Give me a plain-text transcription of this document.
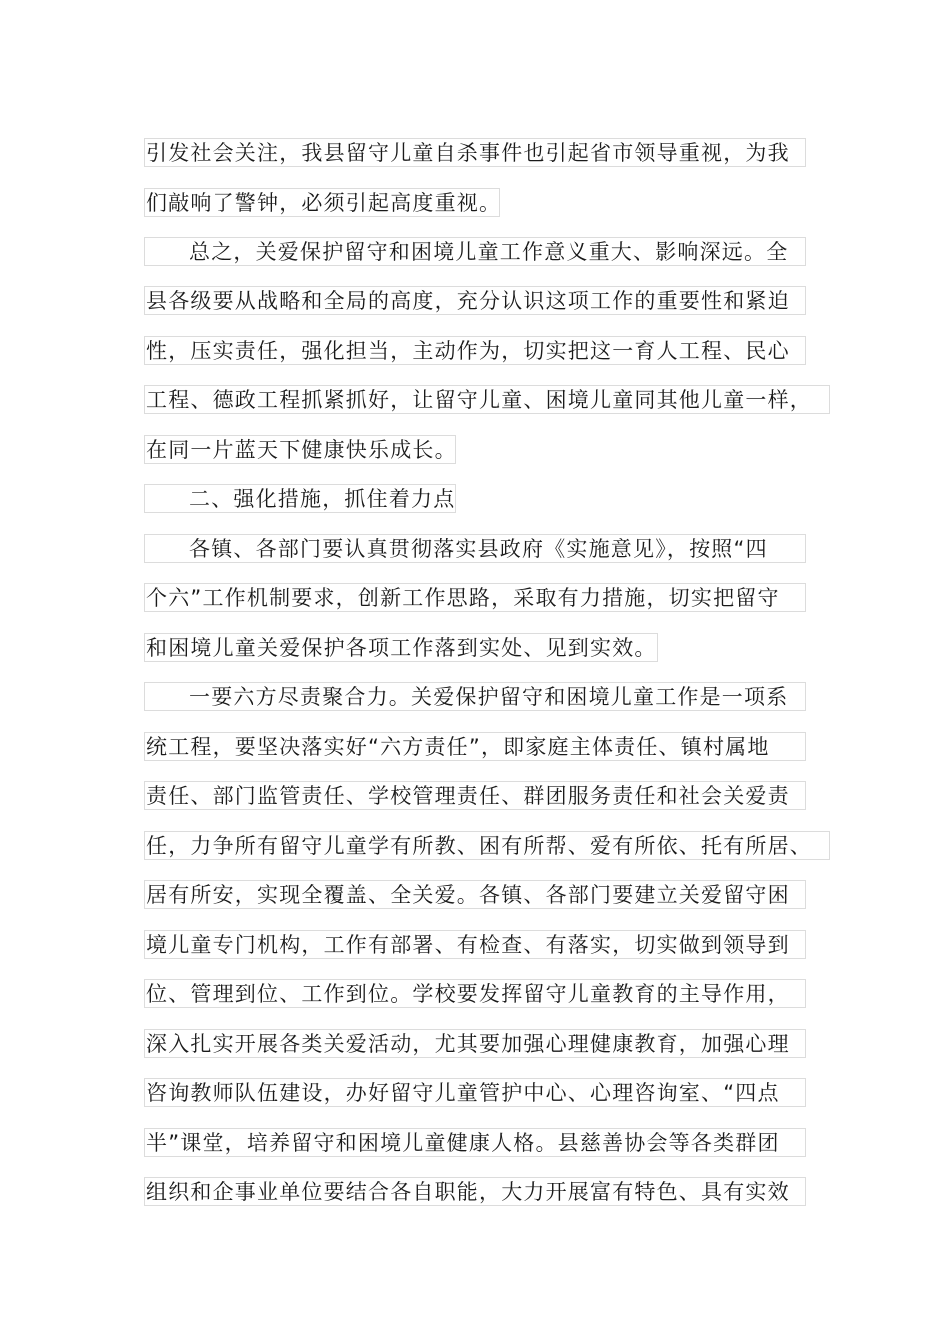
引发社会关注，我县留守儿童自杀事件也引起省市领导重视，为我
们敲响了警钟，必须引起高度重视。
总之，关爱保护留守和困境儿童工作意义重大、影响深远。全
县各级要从战略和全局的高度，充分认识这项工作的重要性和紧迫
性，压实责任，强化担当，主动作为，切实把这一育人工程、民心
工程、德政工程抓紧抓好，让留守儿童、困境儿童同其他儿童一样，
在同一片蓝天下健康快乐成长。
二、强化措施，抓住着力点
各镇、各部门要认真贯彻落实县政府《实施意见》，按照“四
个六”工作机制要求，创新工作思路，采取有力措施，切实把留守
和困境儿童关爱保护各项工作落到实处、见到实效。
一要六方尽责聚合力。关爱保护留守和困境儿童工作是一项系
统工程，要坚决落实好“六方责任”，即家庭主体责任、镇村属地
责任、部门监管责任、学校管理责任、群团服务责任和社会关爱责
任，力争所有留守儿童学有所教、困有所帮、爱有所依、托有所居、
居有所安，实现全覆盖、全关爱。各镇、各部门要建立关爱留守困
境儿童专门机构，工作有部署、有检查、有落实，切实做到领导到
位、管理到位、工作到位。学校要发挥留守儿童教育的主导作用，
深入扎实开展各类关爱活动，尤其要加强心理健康教育，加强心理
咨询教师队伍建设，办好留守儿童管护中心、心理咨询室、“四点
半”课堂，培养留守和困境儿童健康人格。县慈善协会等各类群团
组织和企事业单位要结合各自职能，大力开展富有特色、具有实效
